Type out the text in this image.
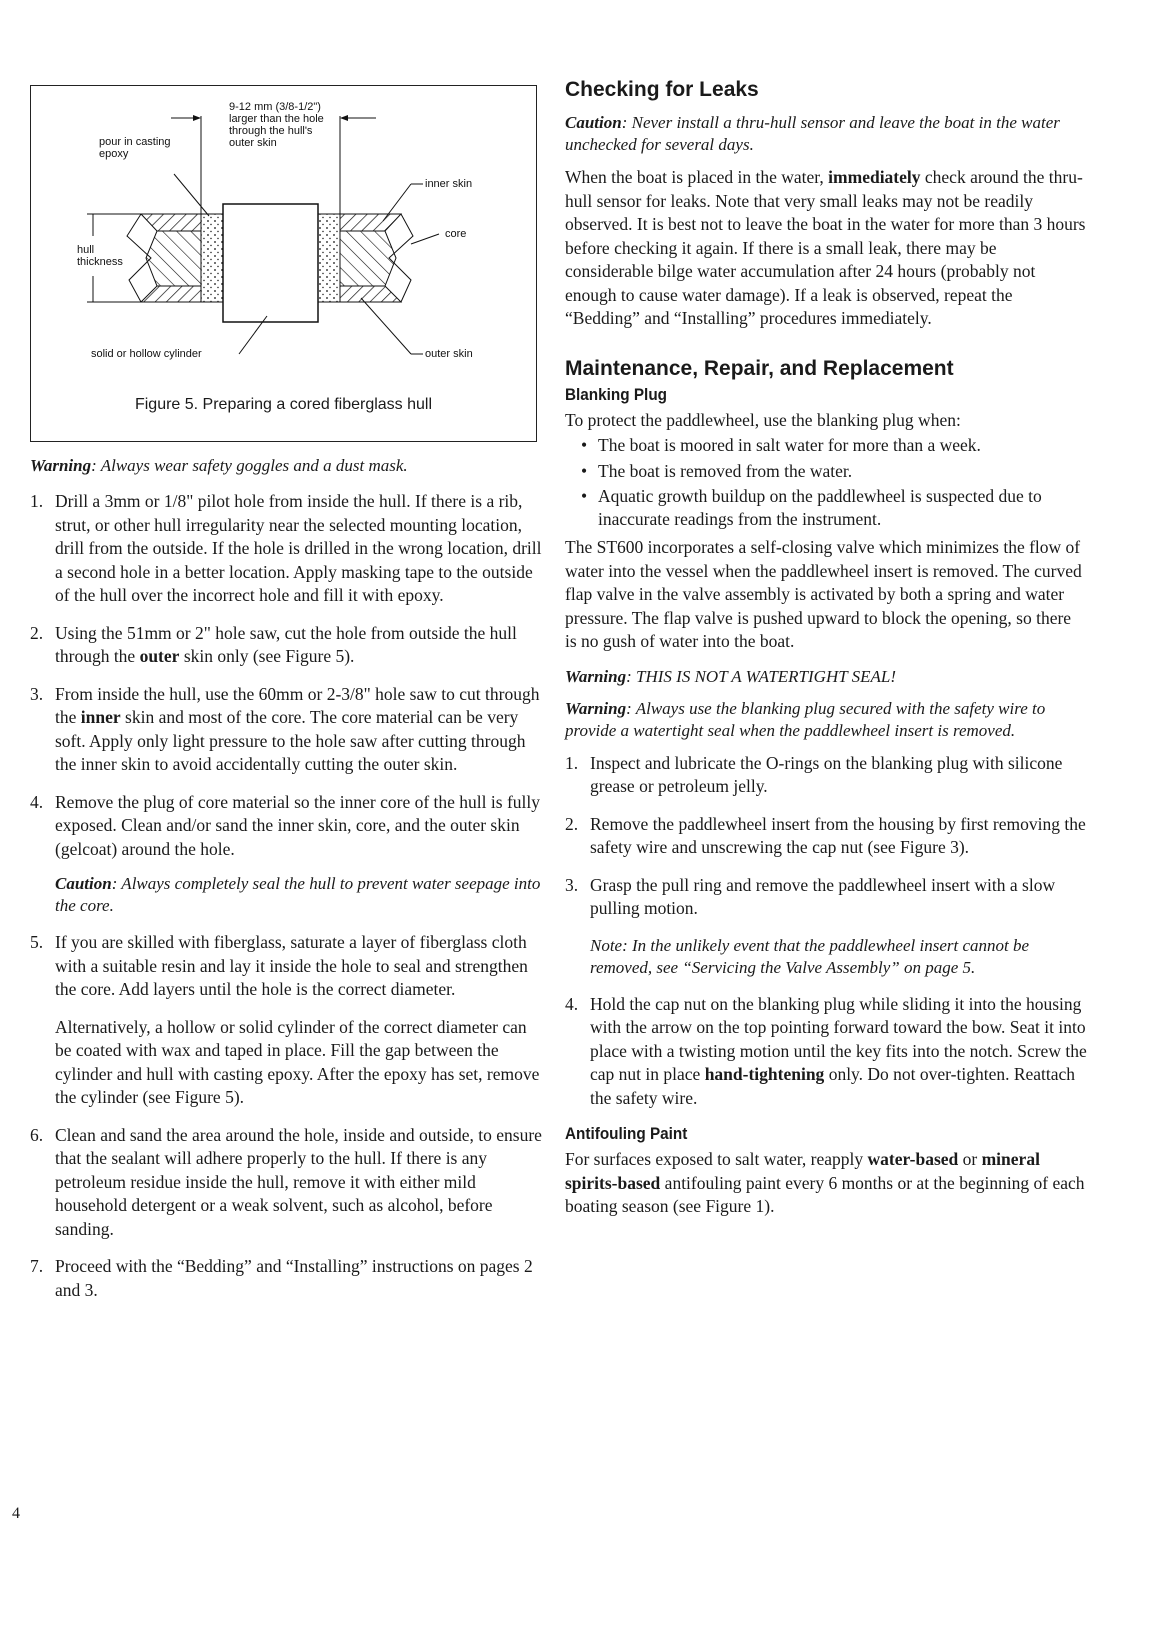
pour in casting epoxy
9-12 mm (3/8-1/2") larger than the hole through the hull's outer skin
inner skin
core
hull thickness
solid or hollow cylinder	outer skin
Figure 5. Preparing a cored fiberglass hull

Warning: Always wear safety goggles and a dust mask.

1. Drill a 3mm or 1/8" pilot hole from inside the hull. If there is a rib, strut, or other hull irregularity near the selected mounting location, drill from the outside. If the hole is drilled in the wrong location, drill a second hole in a better location. Apply masking tape to the outside of the hull over the incorrect hole and fill it with epoxy.
2. Using the 51mm or 2" hole saw, cut the hole from outside the hull through the outer skin only (see Figure 5).
3. From inside the hull, use the 60mm or 2-3/8" hole saw to cut through the inner skin and most of the core. The core material can be very soft. Apply only light pressure to the hole saw after cutting through the inner skin to avoid accidentally cutting the outer skin.
4. Remove the plug of core material so the inner core of the hull is fully exposed. Clean and/or sand the inner skin, core, and the outer skin (gelcoat) around the hole.

Caution: Always completely seal the hull to prevent water seepage into the core.

5. If you are skilled with fiberglass, saturate a layer of fiberglass cloth with a suitable resin and lay it inside the hole to seal and strengthen the core. Add layers until the hole is the correct diameter.

Alternatively, a hollow or solid cylinder of the correct diameter can be coated with wax and taped in place. Fill the gap between the cylinder and hull with casting epoxy. After the epoxy has set, remove the cylinder (see Figure 5).

6. Clean and sand the area around the hole, inside and outside, to ensure that the sealant will adhere properly to the hull. If there is any petroleum residue inside the hull, remove it with either mild household detergent or a weak solvent, such as alcohol, before sanding.
7. Proceed with the “Bedding” and “Installing” instructions on pages 2 and 3.
Checking for Leaks

Caution: Never install a thru-hull sensor and leave the boat in the water unchecked for several days.

When the boat is placed in the water, immediately check around the thru-hull sensor for leaks. Note that very small leaks may not be readily observed. It is best not to leave the boat in the water for more than 3 hours before checking it again. If there is a small leak, there may be considerable bilge water accumulation after 24 hours (probably not enough to cause water damage). If a leak is observed, repeat the “Bedding” and “Installing” procedures immediately.

Maintenance, Repair, and Replacement
Blanking Plug

To protect the paddlewheel, use the blanking plug when:

• The boat is moored in salt water for more than a week.
• The boat is removed from the water.
• Aquatic growth buildup on the paddlewheel is suspected due to inaccurate readings from the instrument.

The ST600 incorporates a self-closing valve which minimizes the flow of water into the vessel when the paddlewheel insert is removed. The curved flap valve in the valve assembly is activated by both a spring and water pressure. The flap valve is pushed upward to block the opening, so there is no gush of water into the boat.

Warning: THIS IS NOT A WATERTIGHT SEAL!

Warning: Always use the blanking plug secured with the safety wire to provide a watertight seal when the paddlewheel insert is removed.

1. Inspect and lubricate the O-rings on the blanking plug with silicone grease or petroleum jelly.
2. Remove the paddlewheel insert from the housing by first removing the safety wire and unscrewing the cap nut (see Figure 3).
3. Grasp the pull ring and remove the paddlewheel insert with a slow pulling motion.

Note: In the unlikely event that the paddlewheel insert cannot be removed, see “Servicing the Valve Assembly” on page 5.

4. Hold the cap nut on the blanking plug while sliding it into the housing with the arrow on the top pointing forward toward the bow. Seat it into place with a twisting motion until the key fits into the notch. Screw the cap nut in place hand-tightening only. Do not over-tighten. Reattach the safety wire.
Antifouling Paint

For surfaces exposed to salt water, reapply water-based or mineral spirits-based antifouling paint every 6 months or at the beginning of each boating season (see Figure 1).

4
